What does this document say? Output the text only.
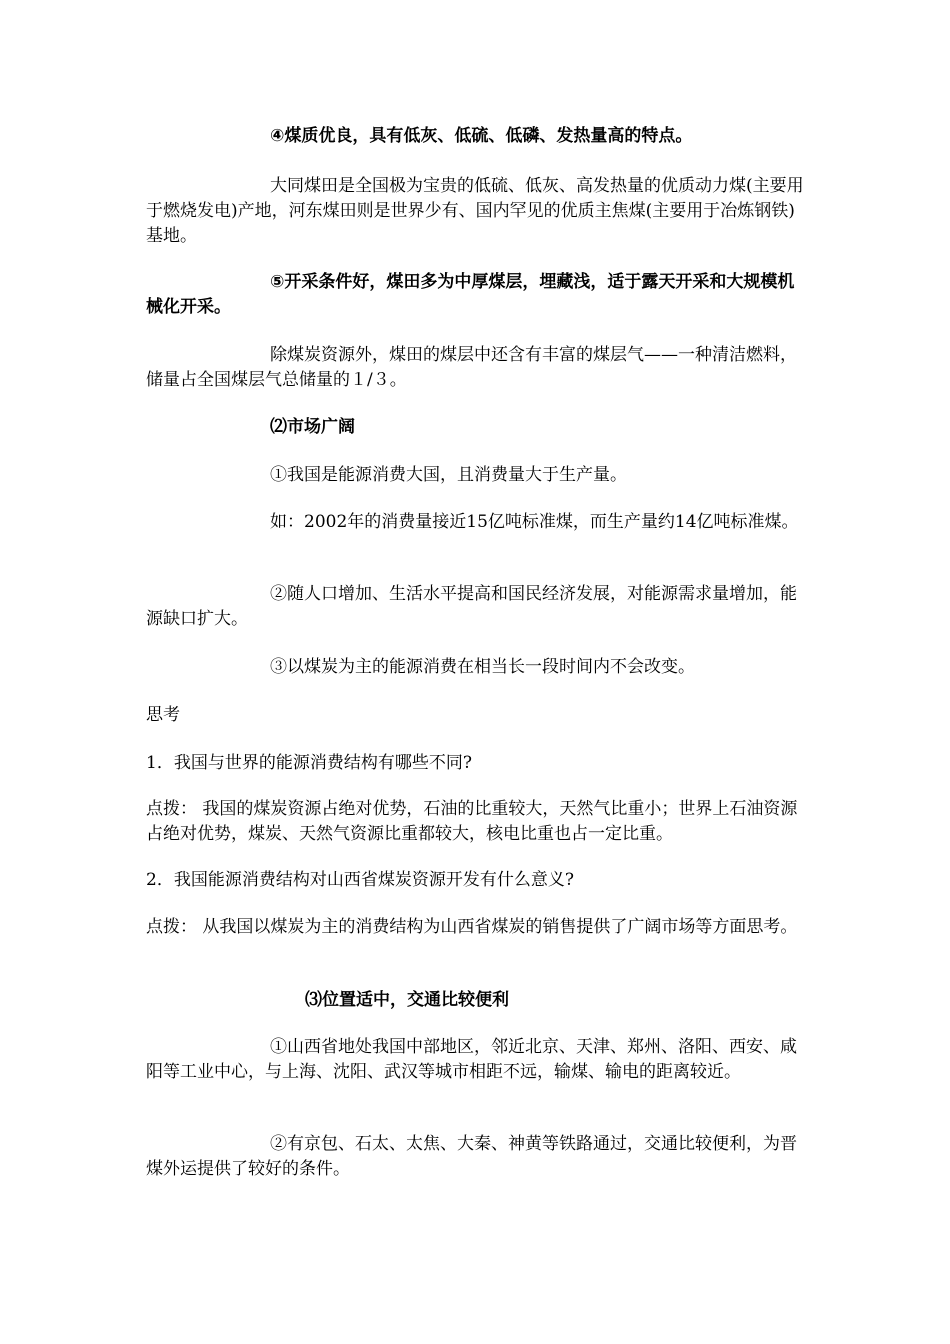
④煤质优良，具有低灰、低硫、低磷、发热量高的特点。

大同煤田是全国极为宝贵的低硫、低灰、高发热量的优质动力煤(主要用于燃烧发电)产地，河东煤田则是世界少有、国内罕见的优质主焦煤(主要用于冶炼钢铁)基地。

⑤开采条件好，煤田多为中厚煤层，埋藏浅，适于露天开采和大规模机械化开采。

除煤炭资源外，煤田的煤层中还含有丰富的煤层气——一种清洁燃料，储量占全国煤层气总储量的１/３。

⑵市场广阔

①我国是能源消费大国，且消费量大于生产量。

如：2002年的消费量接近15亿吨标准煤，而生产量约14亿吨标准煤。

②随人口增加、生活水平提高和国民经济发展，对能源需求量增加，能源缺口扩大。

③以煤炭为主的能源消费在相当长一段时间内不会改变。

思考

1．我国与世界的能源消费结构有哪些不同?

点拨： 我国的煤炭资源占绝对优势，石油的比重较大，天然气比重小；世界上石油资源占绝对优势，煤炭、天然气资源比重都较大，核电比重也占一定比重。

2．我国能源消费结构对山西省煤炭资源开发有什么意义?

点拨： 从我国以煤炭为主的消费结构为山西省煤炭的销售提供了广阔市场等方面思考。

⑶位置适中，交通比较便利

①山西省地处我国中部地区，邻近北京、天津、郑州、洛阳、西安、咸阳等工业中心，与上海、沈阳、武汉等城市相距不远，输煤、输电的距离较近。

②有京包、石太、太焦、大秦、神黄等铁路通过，交通比较便利，为晋煤外运提供了较好的条件。
